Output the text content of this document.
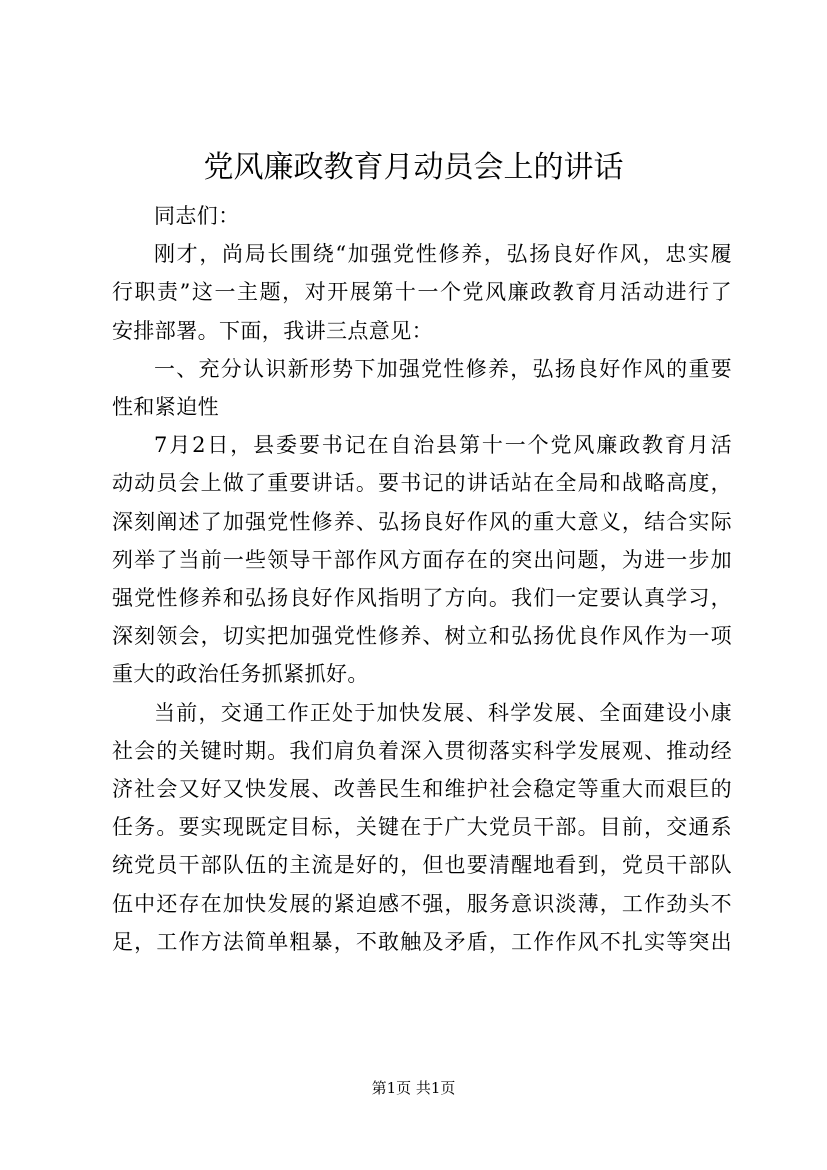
党风廉政教育月动员会上的讲话
同志们：
刚才，尚局长围绕“加强党性修养，弘扬良好作风，忠实履
行职责”这一主题，对开展第十一个党风廉政教育月活动进行了
安排部署。下面，我讲三点意见：
一、充分认识新形势下加强党性修养，弘扬良好作风的重要
性和紧迫性
7月2日，县委要书记在自治县第十一个党风廉政教育月活
动动员会上做了重要讲话。要书记的讲话站在全局和战略高度，
深刻阐述了加强党性修养、弘扬良好作风的重大意义，结合实际
列举了当前一些领导干部作风方面存在的突出问题，为进一步加
强党性修养和弘扬良好作风指明了方向。我们一定要认真学习，
深刻领会，切实把加强党性修养、树立和弘扬优良作风作为一项
重大的政治任务抓紧抓好。
当前，交通工作正处于加快发展、科学发展、全面建设小康
社会的关键时期。我们肩负着深入贯彻落实科学发展观、推动经
济社会又好又快发展、改善民生和维护社会稳定等重大而艰巨的
任务。要实现既定目标，关键在于广大党员干部。目前，交通系
统党员干部队伍的主流是好的，但也要清醒地看到，党员干部队
伍中还存在加快发展的紧迫感不强，服务意识淡薄，工作劲头不
足，工作方法简单粗暴，不敢触及矛盾，工作作风不扎实等突出
第1页 共1页
